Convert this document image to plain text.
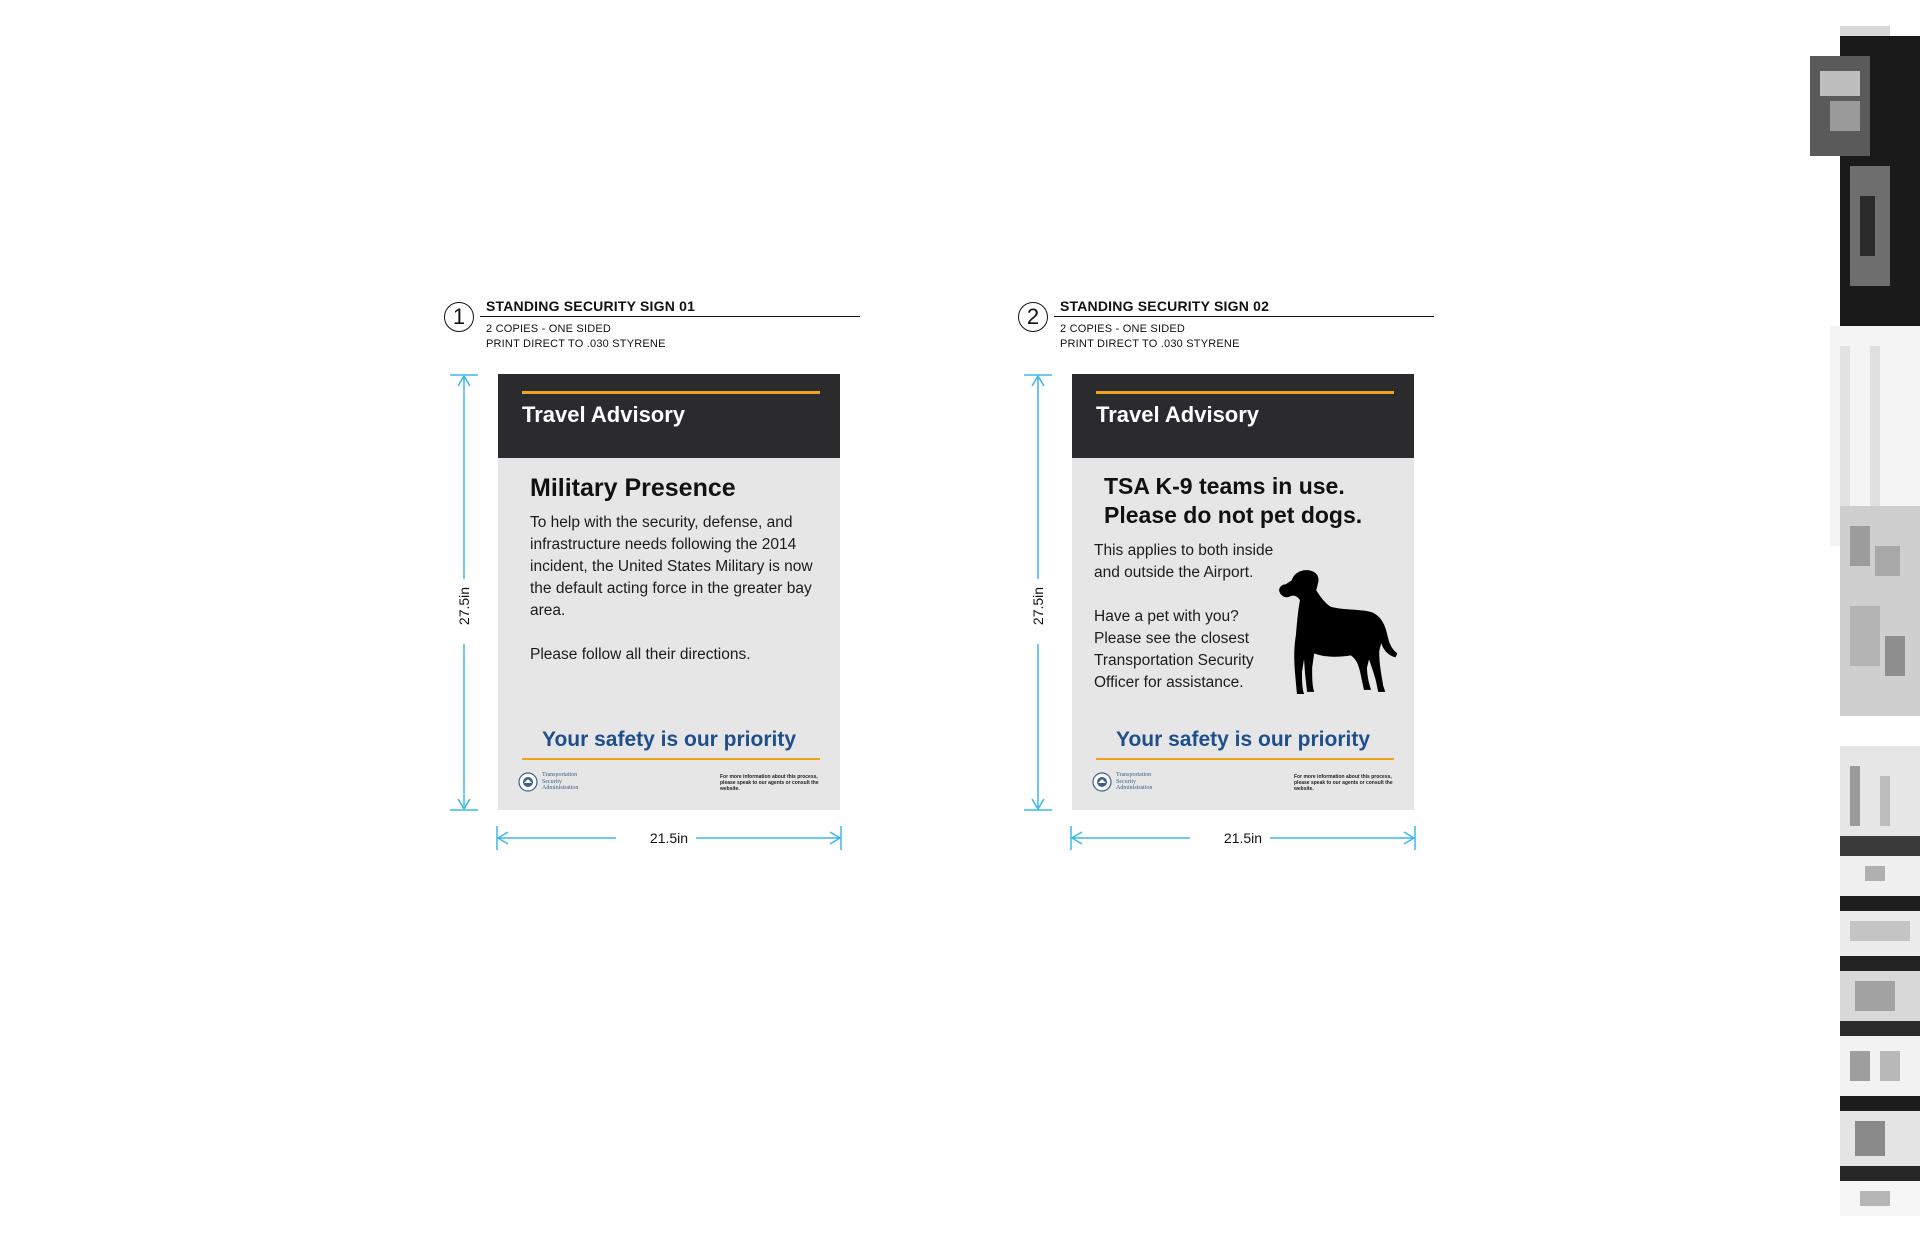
1	STANDING SECURITY SIGN 01
2 COPIES - ONE SIDED
PRINT DIRECT TO .030 STYRENE
27.5in
Travel Advisory
Military Presence
To help with the security, defense, and infrastructure needs following the 2014 incident, the United States Military is now the default acting force in the greater bay area.
Please follow all their directions.
Your safety is our priority
Transportation
Security
Administration
For more information about this process, please speak to our agents or consult the website.
21.5in
2	STANDING SECURITY SIGN 02
2 COPIES - ONE SIDED
PRINT DIRECT TO .030 STYRENE
27.5in
Travel Advisory
TSA K-9 teams in use.
Please do not pet dogs.
This applies to both inside and outside the Airport.
Have a pet with you? Please see the closest Transportation Security Officer for assistance.
Your safety is our priority
Transportation
Security
Administration
For more information about this process, please speak to our agents or consult the website.
21.5in
